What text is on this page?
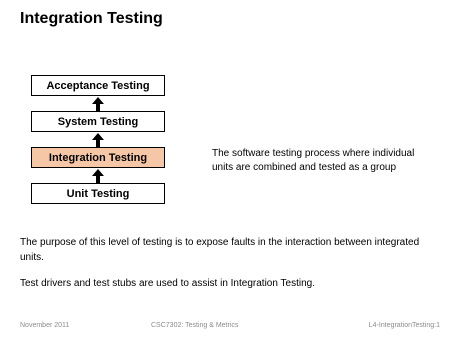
Integration Testing
Acceptance Testing
System Testing
Integration Testing
Unit Testing
The software testing process where individual units are combined and tested as a group
The purpose of this level of testing is to expose faults in the interaction between integrated units.
Test drivers and test stubs are used to assist in Integration Testing.
November 2011	CSC7302: Testing & Metrics	L4-IntegrationTesting:1
